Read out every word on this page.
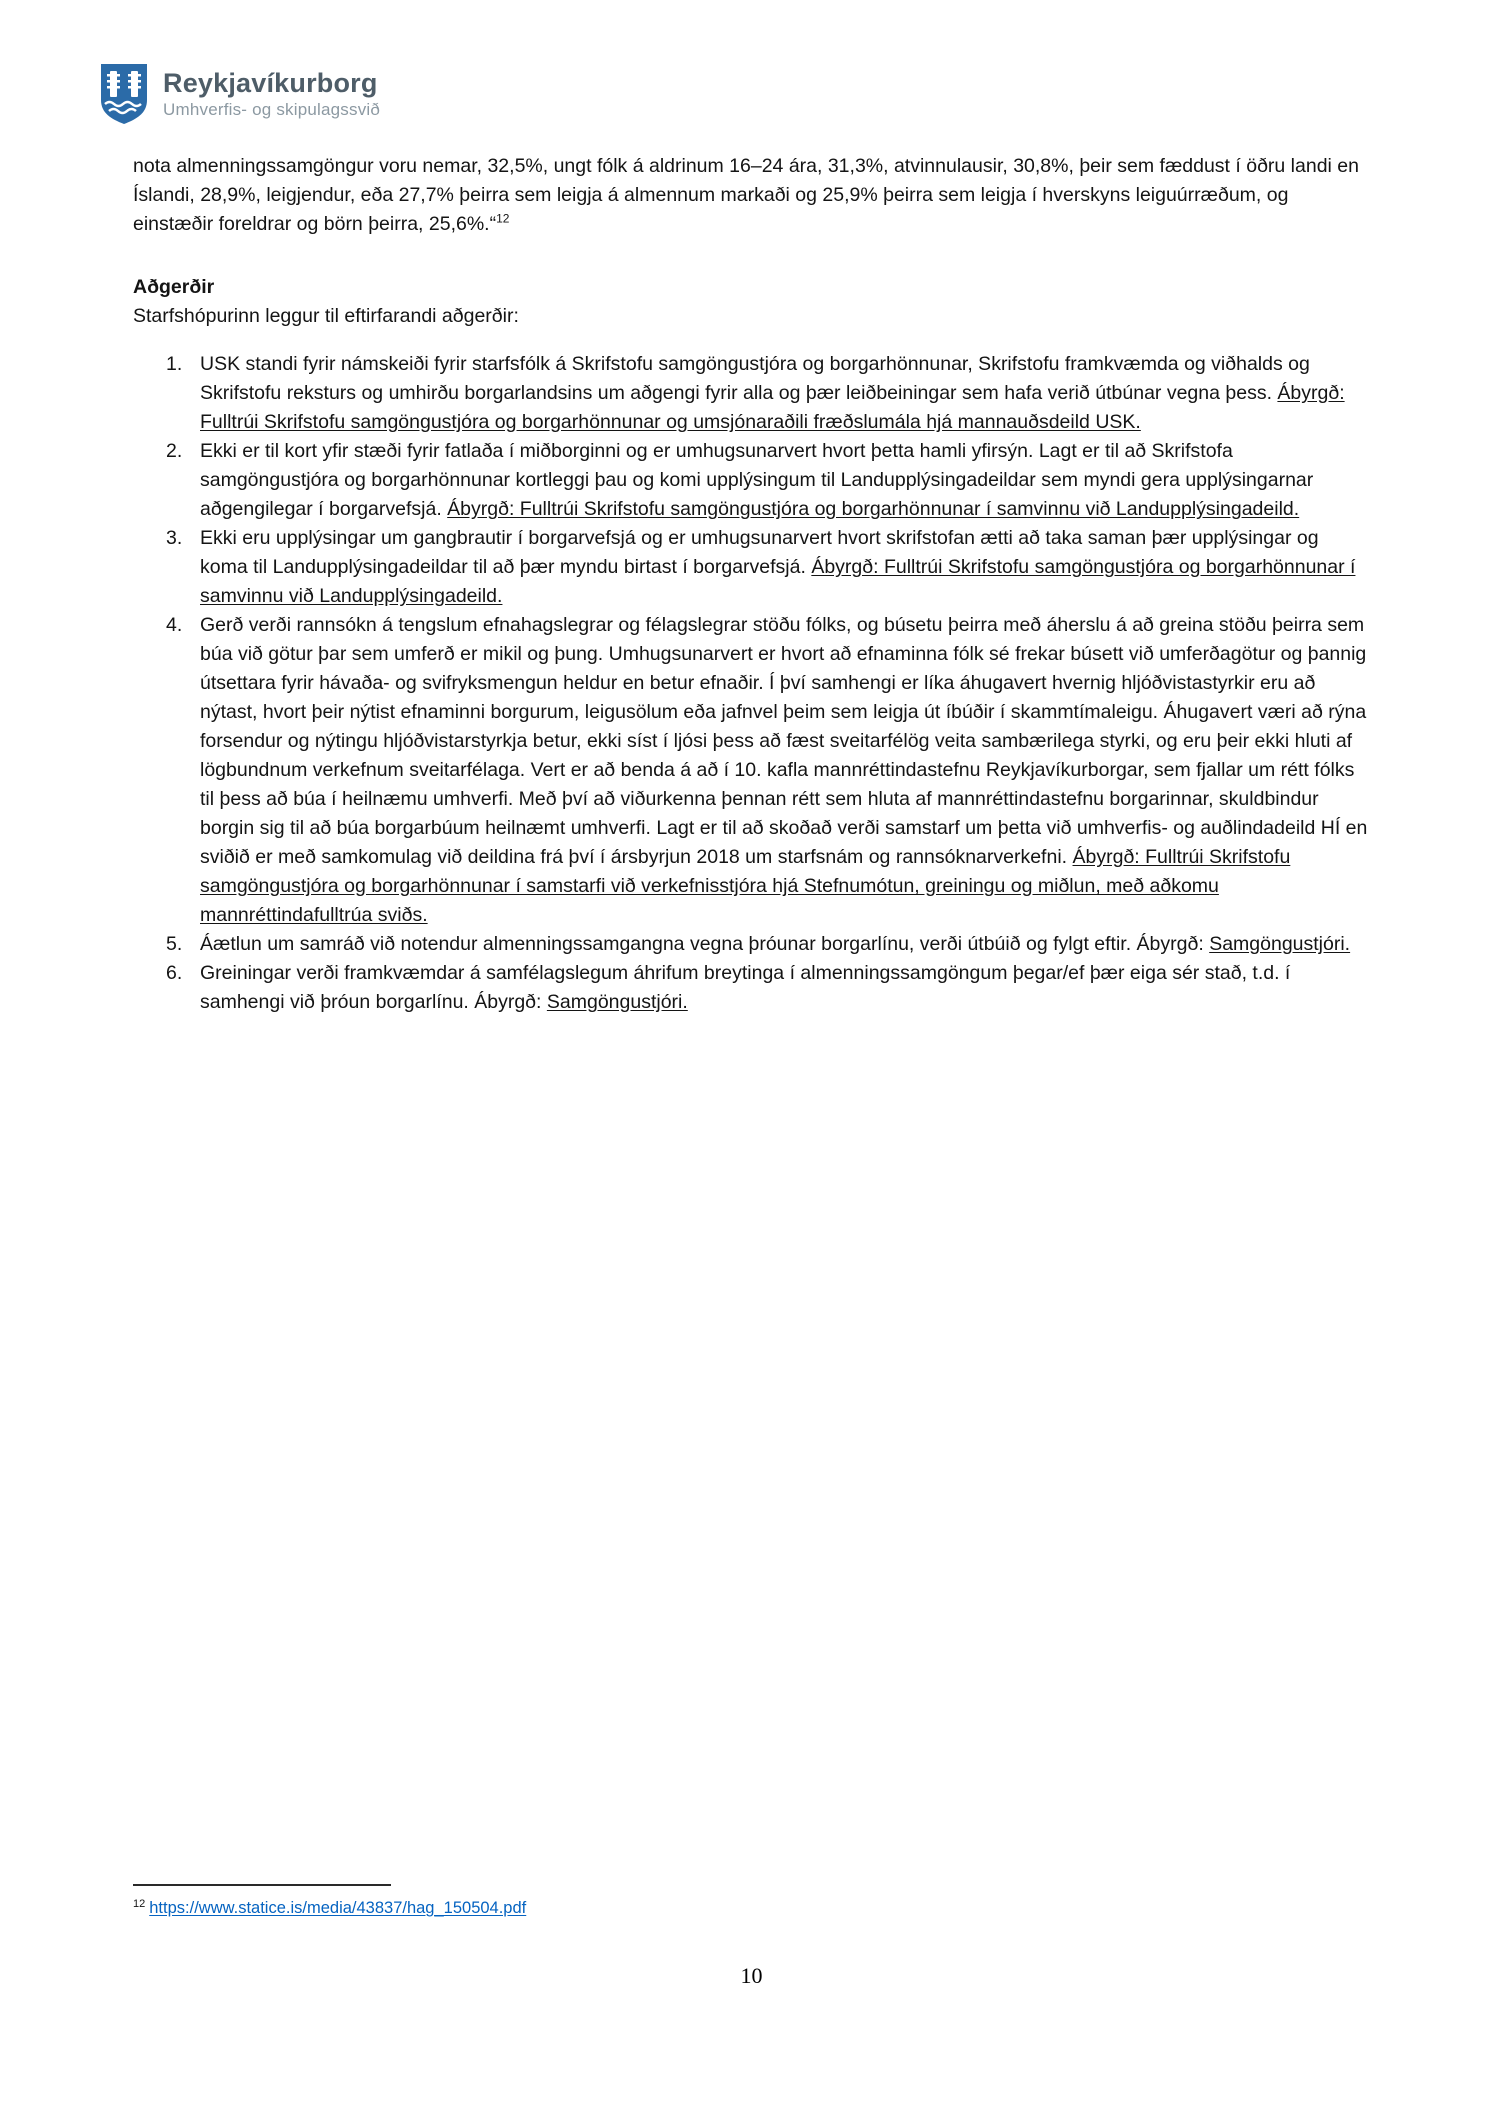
Reykjavíkurborg
Umhverfis- og skipulagssvið

nota almenningssamgöngur voru nemar, 32,5%, ungt fólk á aldrinum 16–24 ára, 31,3%, atvinnulausir, 30,8%, þeir sem fæddust í öðru landi en Íslandi, 28,9%, leigjendur, eða 27,7% þeirra sem leigja á almennum markaði og 25,9% þeirra sem leigja í hverskyns leiguúrræðum, og einstæðir foreldrar og börn þeirra, 25,6%.“$^{12}$

Aðgerðir

Starfshópurinn leggur til eftirfarandi aðgerðir:

1. USK standi fyrir námskeiði fyrir starfsfólk á Skrifstofu samgöngustjóra og borgarhönnunar, Skrifstofu framkvæmda og viðhalds og Skrifstofu reksturs og umhirðu borgarlandsins um aðgengi fyrir alla og þær leiðbeiningar sem hafa verið útbúnar vegna þess. Ábyrgð: Fulltrúi Skrifstofu samgöngustjóra og borgarhönnunar og umsjónaraðili fræðslumála hjá mannauðsdeild USK.
2. Ekki er til kort yfir stæði fyrir fatlaða í miðborginni og er umhugsunarvert hvort þetta hamli yfirsýn. Lagt er til að Skrifstofa samgöngustjóra og borgarhönnunar kortleggi þau og komi upplýsingum til Landupplýsingadeildar sem myndi gera upplýsingarnar aðgengilegar í borgarvefsjá. Ábyrgð: Fulltrúi Skrifstofu samgöngustjóra og borgarhönnunar í samvinnu við Landupplýsingadeild.
3. Ekki eru upplýsingar um gangbrautir í borgarvefsjá og er umhugsunarvert hvort skrifstofan ætti að taka saman þær upplýsingar og koma til Landupplýsingadeildar til að þær myndu birtast í borgarvefsjá. Ábyrgð: Fulltrúi Skrifstofu samgöngustjóra og borgarhönnunar í samvinnu við Landupplýsingadeild.
4. Gerð verði rannsókn á tengslum efnahagslegrar og félagslegrar stöðu fólks, og búsetu þeirra með áherslu á að greina stöðu þeirra sem búa við götur þar sem umferð er mikil og þung. Umhugsunarvert er hvort að efnaminna fólk sé frekar búsett við umferðagötur og þannig útsettara fyrir hávaða- og svifryksmengun heldur en betur efnaðir. Í því samhengi er líka áhugavert hvernig hljóðvistastyrkir eru að nýtast, hvort þeir nýtist efnaminni borgurum, leigusölum eða jafnvel þeim sem leigja út íbúðir í skammtímaleigu. Áhugavert væri að rýna forsendur og nýtingu hljóðvistarstyrkja betur, ekki síst í ljósi þess að fæst sveitarfélög veita sambærilega styrki, og eru þeir ekki hluti af lögbundnum verkefnum sveitarfélaga. Vert er að benda á að í 10. kafla mannréttindastefnu Reykjavíkurborgar, sem fjallar um rétt fólks til þess að búa í heilnæmu umhverfi. Með því að viðurkenna þennan rétt sem hluta af mannréttindastefnu borgarinnar, skuldbindur borgin sig til að búa borgarbúum heilnæmt umhverfi. Lagt er til að skoðað verði samstarf um þetta við umhverfis- og auðlindadeild HÍ en sviðið er með samkomulag við deildina frá því í ársbyrjun 2018 um starfsnám og rannsóknarverkefni. Ábyrgð: Fulltrúi Skrifstofu samgöngustjóra og borgarhönnunar í samstarfi við verkefnisstjóra hjá Stefnumótun, greiningu og miðlun, með aðkomu mannréttindafulltrúa sviðs.
5. Áætlun um samráð við notendur almenningssamgangna vegna þróunar borgarlínu, verði útbúið og fylgt eftir. Ábyrgð: Samgöngustjóri.
6. Greiningar verði framkvæmdar á samfélagslegum áhrifum breytinga í almenningssamgöngum þegar/ef þær eiga sér stað, t.d. í samhengi við þróun borgarlínu. Ábyrgð: Samgöngustjóri.

$^{12}$ https://www.statice.is/media/43837/hag_150504.pdf

10
